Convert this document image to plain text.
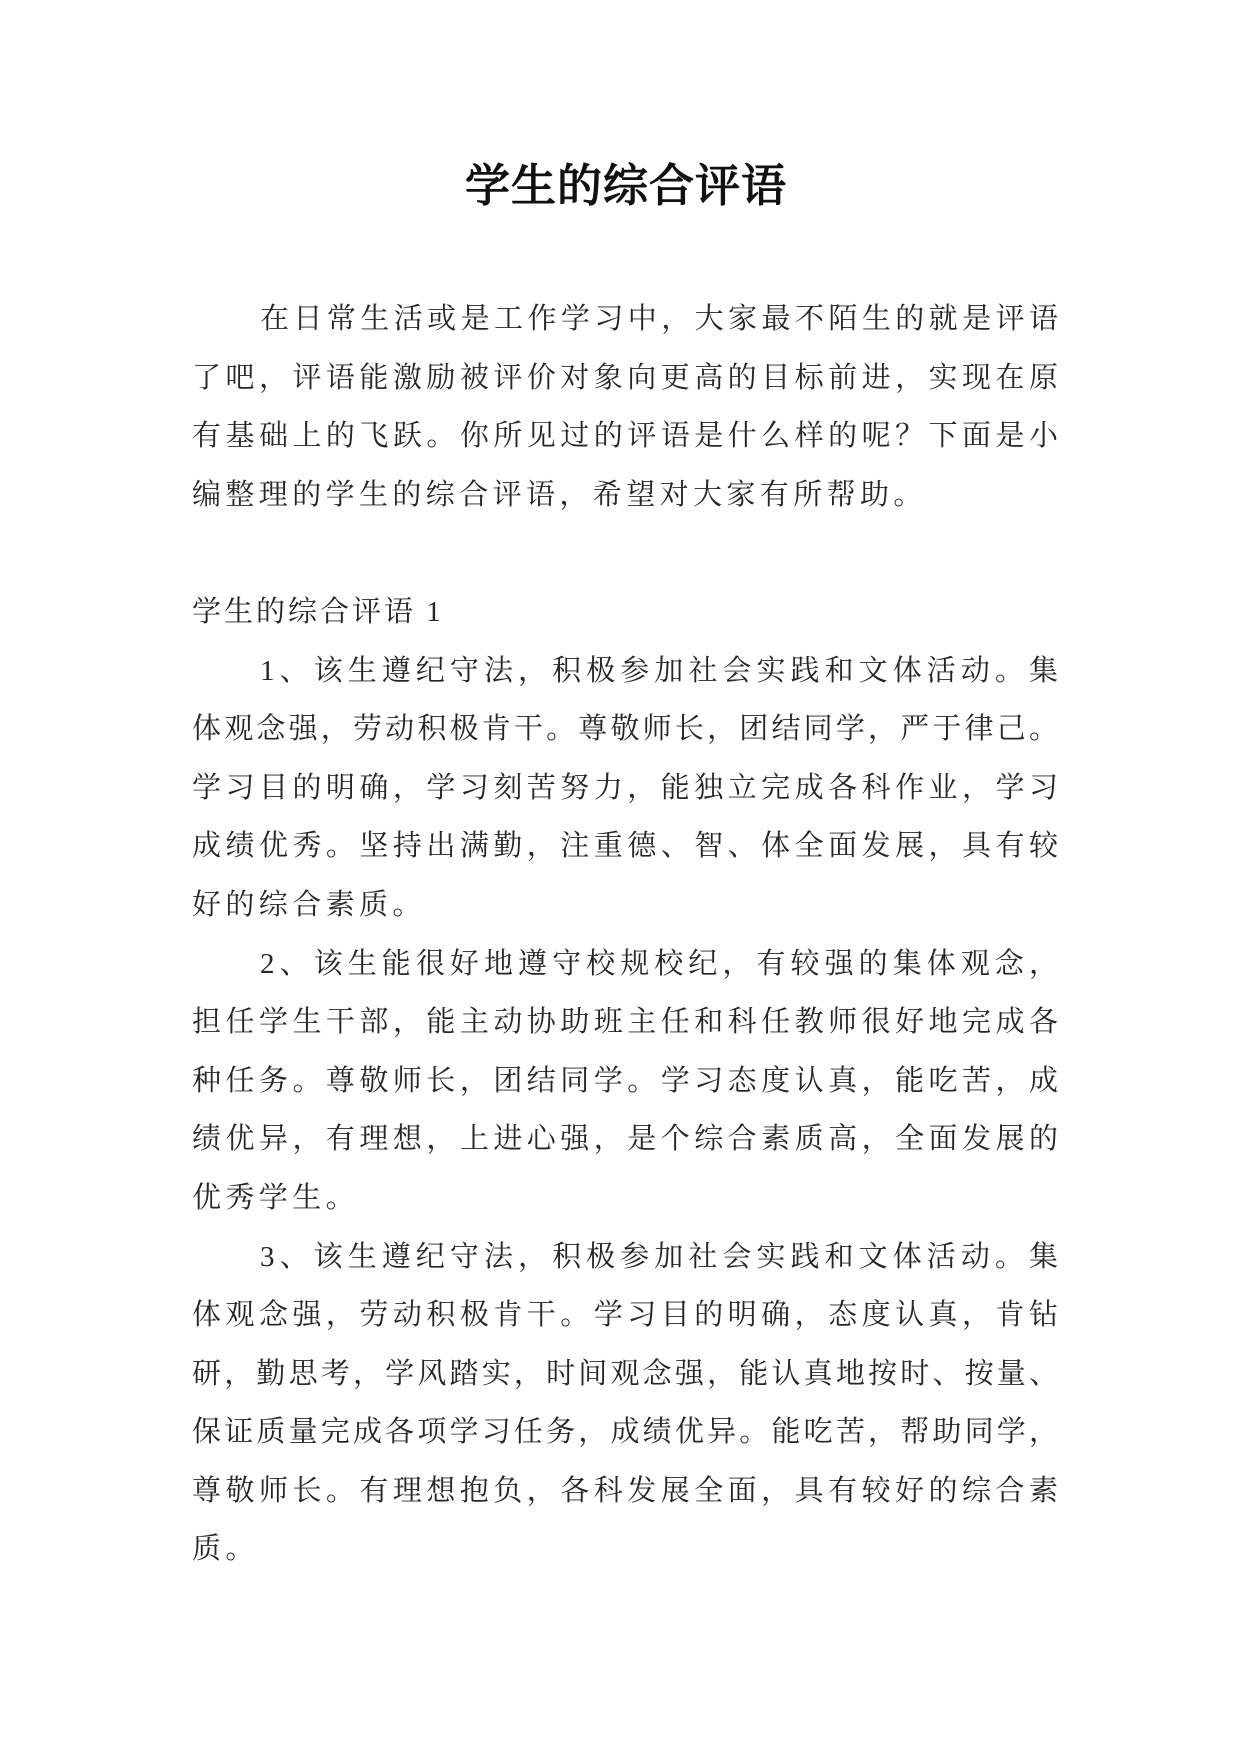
学生的综合评语
在日常生活或是工作学习中，大家最不陌生的就是评语
了吧，评语能激励被评价对象向更高的目标前进，实现在原
有基础上的飞跃。你所见过的评语是什么样的呢？下面是小
编整理的学生的综合评语，希望对大家有所帮助。
学生的综合评语 1
1、该生遵纪守法，积极参加社会实践和文体活动。集
体观念强，劳动积极肯干。尊敬师长，团结同学，严于律己。
学习目的明确，学习刻苦努力，能独立完成各科作业，学习
成绩优秀。坚持出满勤，注重德、智、体全面发展，具有较
好的综合素质。
2、该生能很好地遵守校规校纪，有较强的集体观念，
担任学生干部，能主动协助班主任和科任教师很好地完成各
种任务。尊敬师长，团结同学。学习态度认真，能吃苦，成
绩优异，有理想，上进心强，是个综合素质高，全面发展的
优秀学生。
3、该生遵纪守法，积极参加社会实践和文体活动。集
体观念强，劳动积极肯干。学习目的明确，态度认真，肯钻
研，勤思考，学风踏实，时间观念强，能认真地按时、按量、
保证质量完成各项学习任务，成绩优异。能吃苦，帮助同学，
尊敬师长。有理想抱负，各科发展全面，具有较好的综合素
质。
